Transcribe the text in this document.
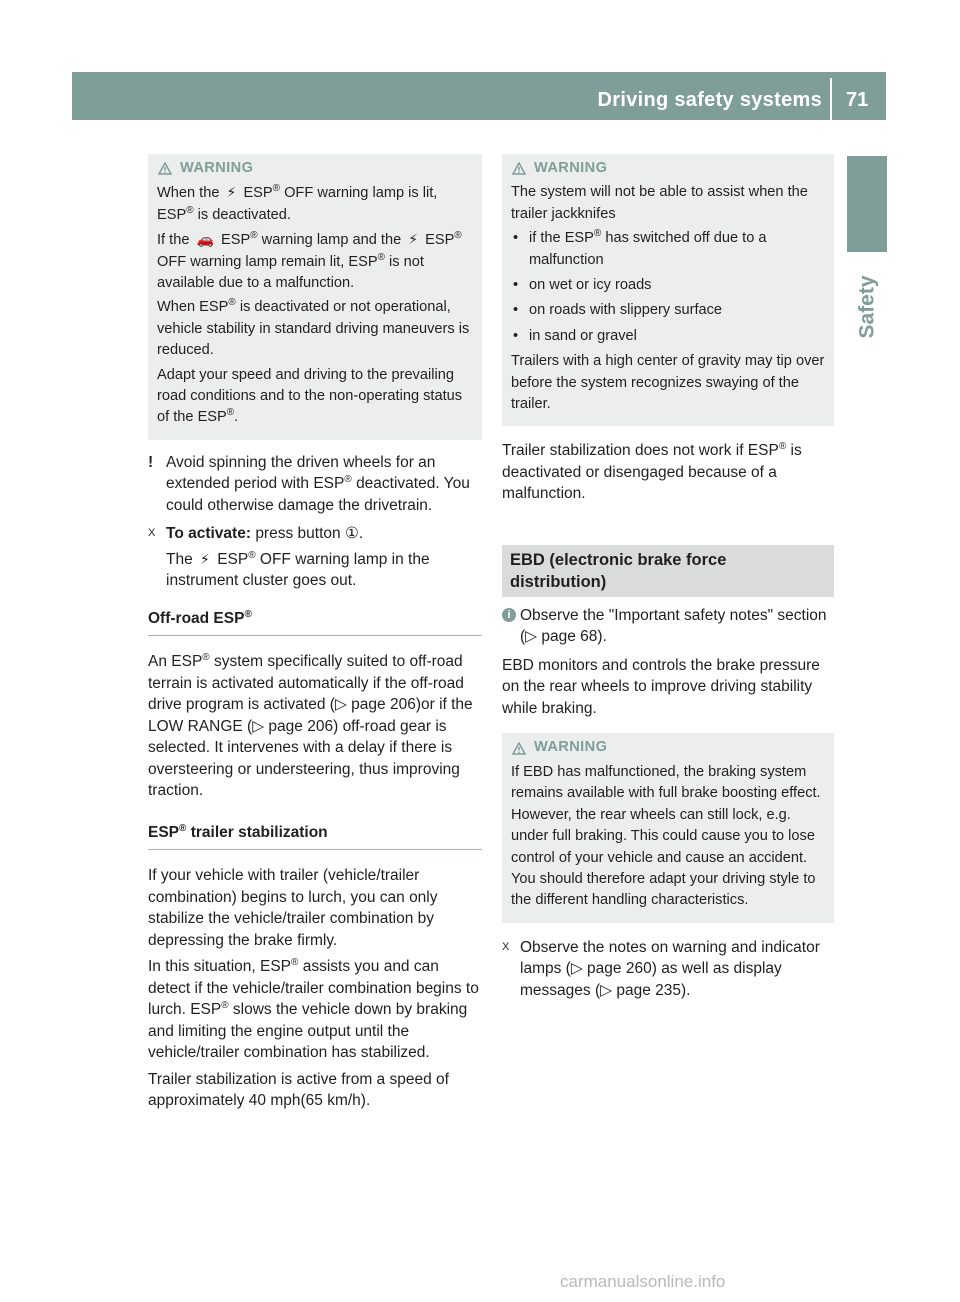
Driving safety systems 71
Safety
WARNING

When the ⚡ ESP® OFF warning lamp is lit, ESP® is deactivated.

If the 🚗 ESP® warning lamp and the ⚡ ESP® OFF warning lamp remain lit, ESP® is not available due to a malfunction.

When ESP® is deactivated or not operational, vehicle stability in standard driving maneuvers is reduced.

Adapt your speed and driving to the prevailing road conditions and to the non-operating status of the ESP®.

! Avoid spinning the driven wheels for an extended period with ESP® deactivated. You could otherwise damage the drivetrain.
X To activate: press button ①.

The ⚡ ESP® OFF warning lamp in the instrument cluster goes out.

Off-road ESP®

An ESP® system specifically suited to off-road terrain is activated automatically if the off-road drive program is activated (▷ page 206)or if the LOW RANGE (▷ page 206) off-road gear is selected. It intervenes with a delay if there is oversteering or understeering, thus improving traction.

ESP® trailer stabilization

If your vehicle with trailer (vehicle/trailer combination) begins to lurch, you can only stabilize the vehicle/trailer combination by depressing the brake firmly.

In this situation, ESP® assists you and can detect if the vehicle/trailer combination begins to lurch. ESP® slows the vehicle down by braking and limiting the engine output until the vehicle/trailer combination has stabilized.

Trailer stabilization is active from a speed of approximately 40 mph(65 km/h).

WARNING

The system will not be able to assist when the trailer jackknifes

• if the ESP® has switched off due to a malfunction
• on wet or icy roads
• on roads with slippery surface
• in sand or gravel

Trailers with a high center of gravity may tip over before the system recognizes swaying of the trailer.

Trailer stabilization does not work if ESP® is deactivated or disengaged because of a malfunction.

EBD (electronic brake force distribution)
i Observe the "Important safety notes" section (▷ page 68).

EBD monitors and controls the brake pressure on the rear wheels to improve driving stability while braking.

WARNING

If EBD has malfunctioned, the braking system remains available with full brake boosting effect. However, the rear wheels can still lock, e.g. under full braking. This could cause you to lose control of your vehicle and cause an accident. You should therefore adapt your driving style to the different handling characteristics.

X Observe the notes on warning and indicator lamps (▷ page 260) as well as display messages (▷ page 235).
carmanualsonline.info
